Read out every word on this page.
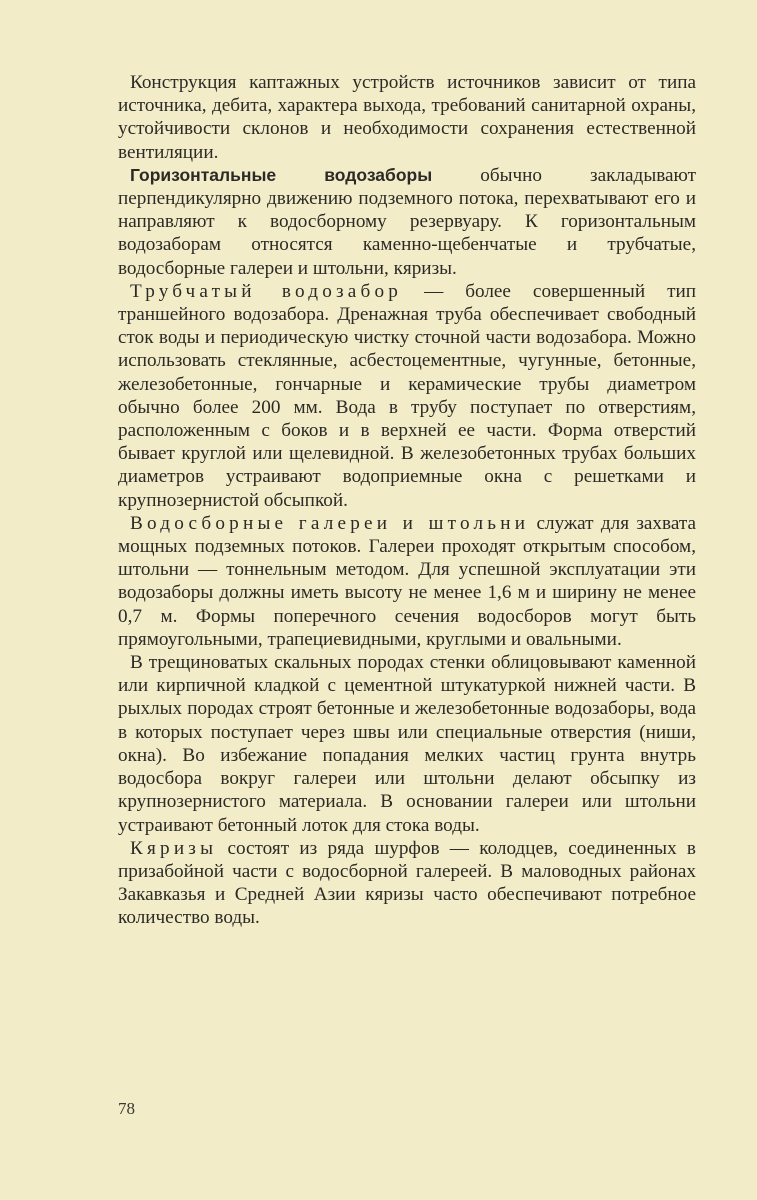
Конструкция каптажных устройств источников зависит от типа источника, дебита, характера выхода, требований санитарной охраны, устойчивости склонов и необходимости сохранения естественной вентиляции.

Горизонтальные водозаборы обычно закладывают перпендикулярно движению подземного потока, перехватывают его и направляют к водосборному резервуару. К горизонтальным водозаборам относятся каменно-щебенчатые и трубчатые, водосборные галереи и штольни, кяризы.

Трубчатый водозабор — более совершенный тип траншейного водозабора. Дренажная труба обеспечивает свободный сток воды и периодическую чистку сточной части водозабора. Можно использовать стеклянные, асбестоцементные, чугунные, бетонные, железобетонные, гончарные и керамические трубы диаметром обычно более 200 мм. Вода в трубу поступает по отверстиям, расположенным с боков и в верхней ее части. Форма отверстий бывает круглой или щелевидной. В железобетонных трубах больших диаметров устраивают водоприемные окна с решетками и крупнозернистой обсыпкой.

Водосборные галереи и штольни служат для захвата мощных подземных потоков. Галереи проходят открытым способом, штольни — тоннельным методом. Для успешной эксплуатации эти водозаборы должны иметь высоту не менее 1,6 м и ширину не менее 0,7 м. Формы поперечного сечения водосборов могут быть прямоугольными, трапециевидными, круглыми и овальными.

В трещиноватых скальных породах стенки облицовывают каменной или кирпичной кладкой с цементной штукатуркой нижней части. В рыхлых породах строят бетонные и железобетонные водозаборы, вода в которых поступает через швы или специальные отверстия (ниши, окна). Во избежание попадания мелких частиц грунта внутрь водосбора вокруг галереи или штольни делают обсыпку из крупнозернистого материала. В основании галереи или штольни устраивают бетонный лоток для стока воды.

Кяризы состоят из ряда шурфов — колодцев, соединенных в призабойной части с водосборной галереей. В маловодных районах Закавказья и Средней Азии кяризы часто обеспечивают потребное количество воды.

78
